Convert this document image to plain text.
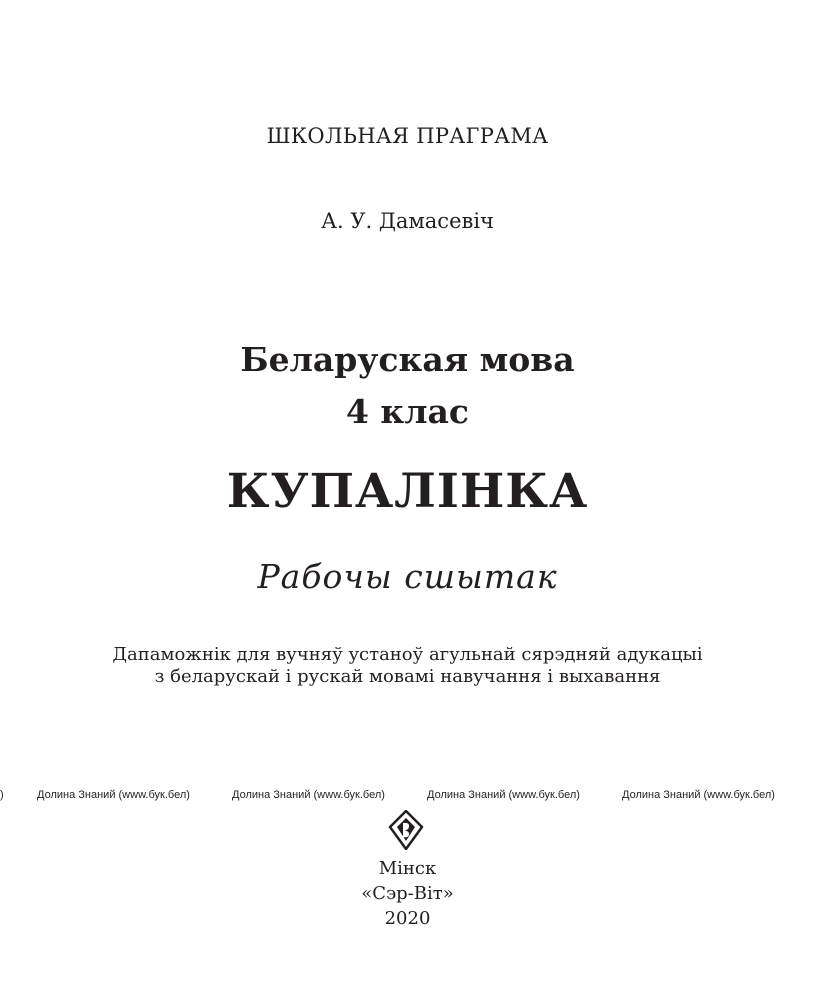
ШКОЛЬНАЯ ПРАГРАМА
А. У. Дамасевіч
Беларуская мова
4 клас
КУПАЛІНКА
Рабочы сшытак
Дапаможнік для вучняў устаноў агульнай сярэдняй адукацыі
з беларускай і рускай мовамі навучання і выхавання
)	Долина Знаний (www.бук.бел)	Долина Знаний (www.бук.бел)	Долина Знаний (www.бук.бел)	Долина Знаний (www.бук.бел)
Мінск
«Сэр-Віт»
2020
